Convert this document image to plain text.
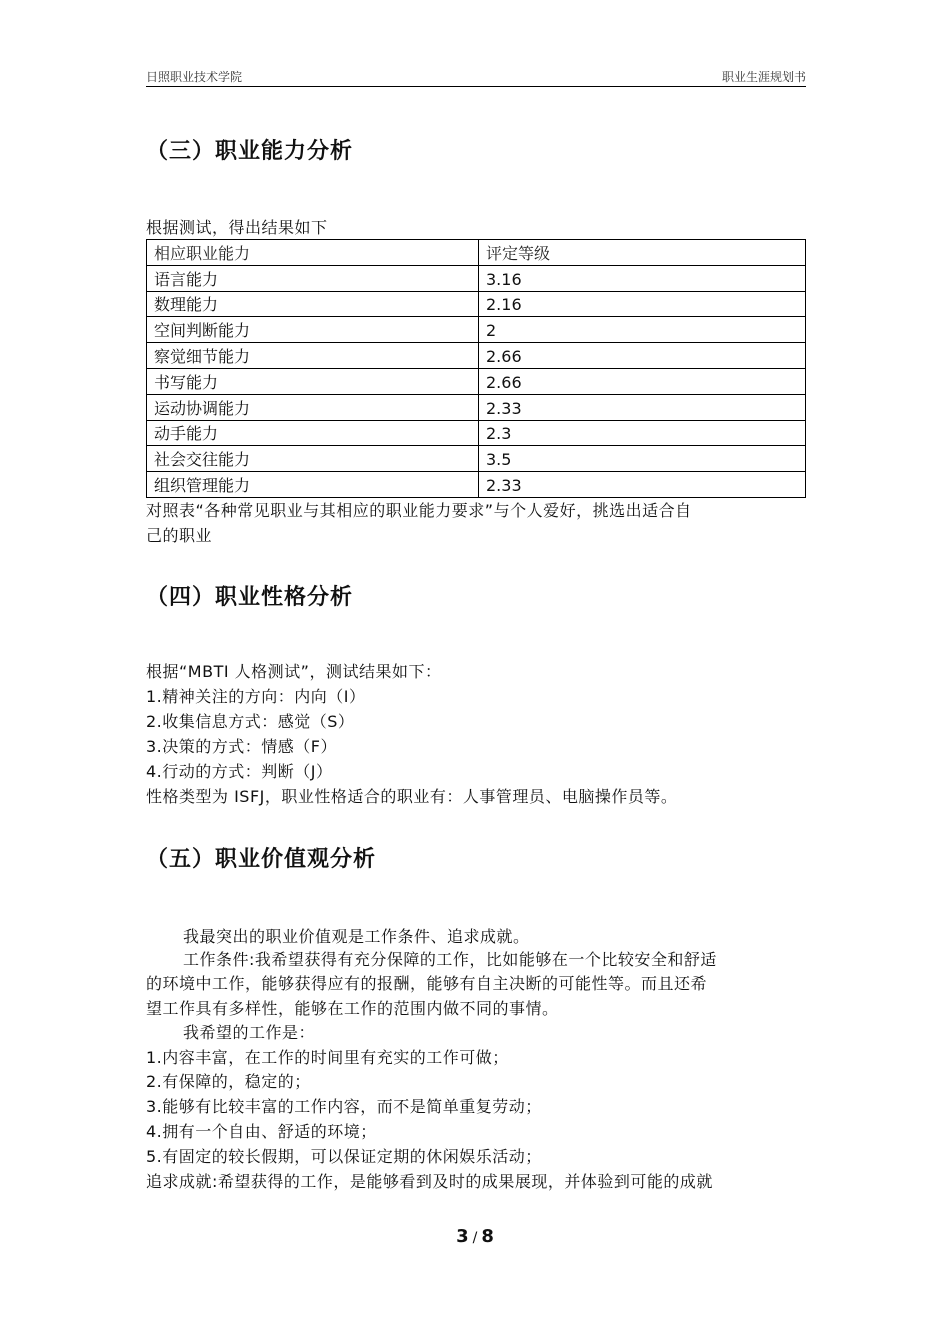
日照职业技术学院	职业生涯规划书
（三）职业能力分析
根据测试，得出结果如下
相应职业能力	评定等级
语言能力	3.16
数理能力	2.16
空间判断能力	2
察觉细节能力	2.66
书写能力	2.66
运动协调能力	2.33
动手能力	2.3
社会交往能力	3.5
组织管理能力	2.33
对照表“各种常见职业与其相应的职业能力要求”与个人爱好，挑选出适合自
己的职业
（四）职业性格分析
根据“MBTI 人格测试”，测试结果如下：
1.精神关注的方向：内向（I）
2.收集信息方式：感觉（S）
3.决策的方式：情感（F）
4.行动的方式：判断（J）
性格类型为 ISFJ，职业性格适合的职业有：人事管理员、电脑操作员等。
（五）职业价值观分析
我最突出的职业价值观是工作条件、追求成就。
工作条件:我希望获得有充分保障的工作，比如能够在一个比较安全和舒适
的环境中工作，能够获得应有的报酬，能够有自主决断的可能性等。而且还希
望工作具有多样性，能够在工作的范围内做不同的事情。
我希望的工作是：
1.内容丰富，在工作的时间里有充实的工作可做；
2.有保障的，稳定的；
3.能够有比较丰富的工作内容，而不是简单重复劳动；
4.拥有一个自由、舒适的环境；
5.有固定的较长假期，可以保证定期的休闲娱乐活动；
追求成就:希望获得的工作，是能够看到及时的成果展现，并体验到可能的成就
3 / 8
